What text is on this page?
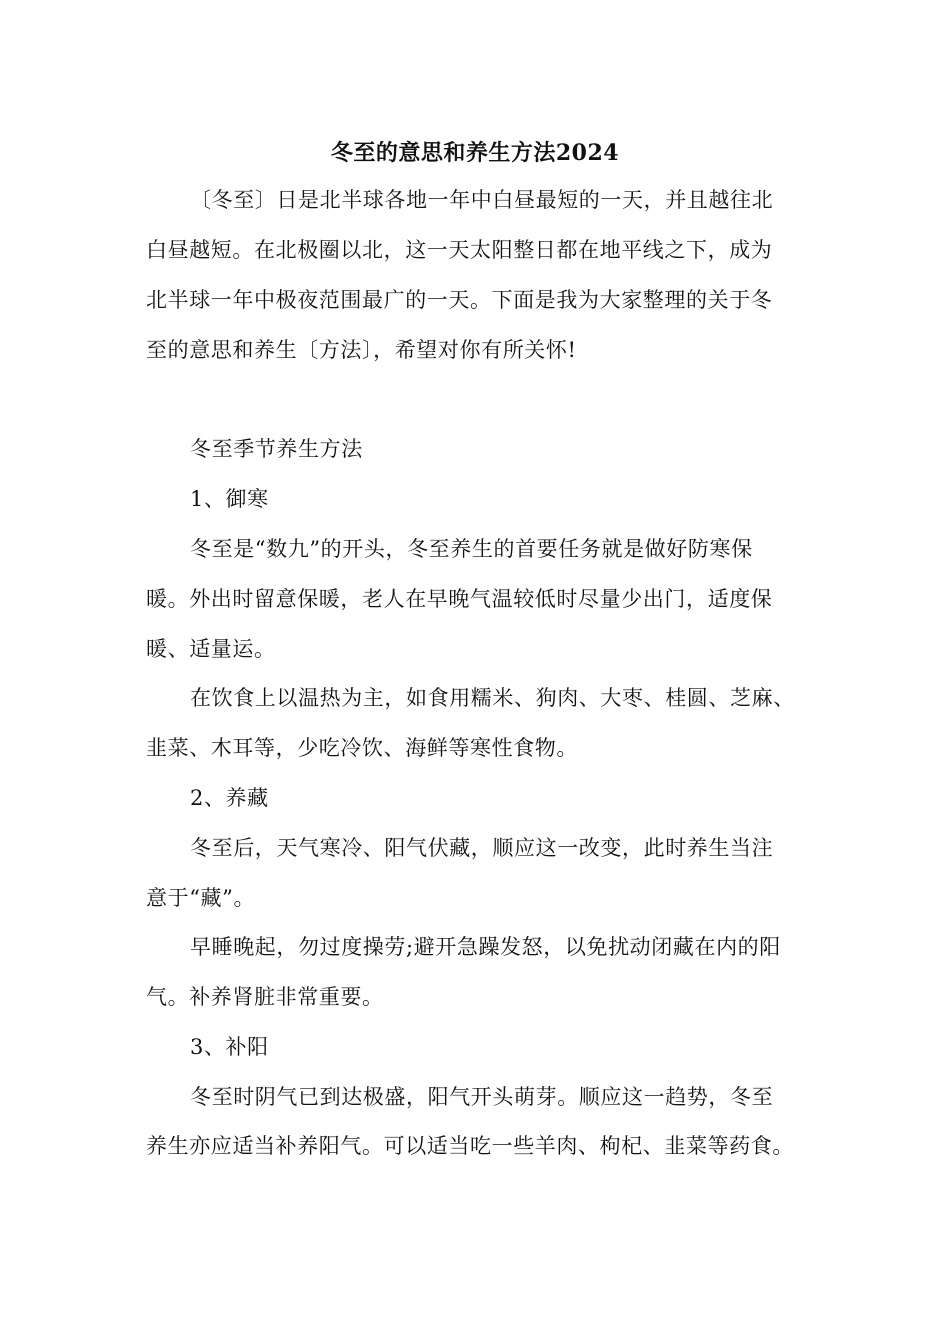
冬至的意思和养生方法2024
〔冬至〕日是北半球各地一年中白昼最短的一天，并且越往北
白昼越短。在北极圈以北，这一天太阳整日都在地平线之下，成为
北半球一年中极夜范围最广的一天。下面是我为大家整理的关于冬
至的意思和养生〔方法〕，希望对你有所关怀!
冬至季节养生方法
1、御寒
冬至是“数九”的开头，冬至养生的首要任务就是做好防寒保
暖。外出时留意保暖，老人在早晚气温较低时尽量少出门，适度保
暖、适量运。
在饮食上以温热为主，如食用糯米、狗肉、大枣、桂圆、芝麻、
韭菜、木耳等，少吃冷饮、海鲜等寒性食物。
2、养藏
冬至后，天气寒冷、阳气伏藏，顺应这一改变，此时养生当注
意于“藏”。
早睡晚起，勿过度操劳;避开急躁发怒，以免扰动闭藏在内的阳
气。补养肾脏非常重要。
3、补阳
冬至时阴气已到达极盛，阳气开头萌芽。顺应这一趋势，冬至
养生亦应适当补养阳气。可以适当吃一些羊肉、枸杞、韭菜等药食。
